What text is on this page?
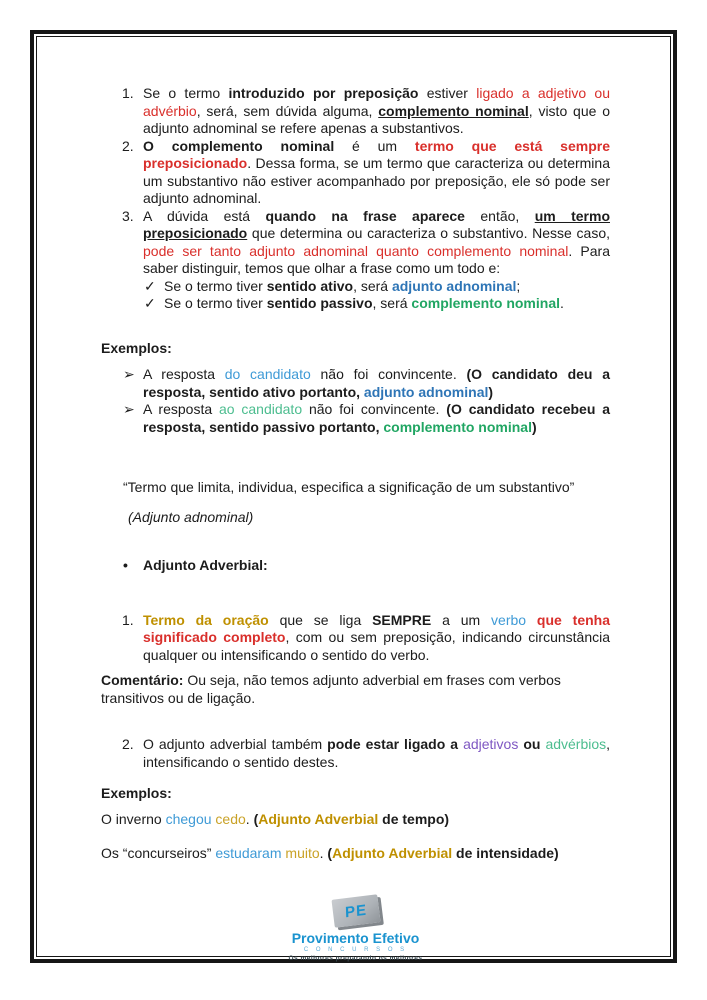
1. Se o termo introduzido por preposição estiver ligado a adjetivo ou advérbio, será, sem dúvida alguma, complemento nominal, visto que o adjunto adnominal se refere apenas a substantivos.
2. O complemento nominal é um termo que está sempre preposicionado. Dessa forma, se um termo que caracteriza ou determina um substantivo não estiver acompanhado por preposição, ele só pode ser adjunto adnominal.
3. A dúvida está quando na frase aparece então, um termo preposicionado que determina ou caracteriza o substantivo. Nesse caso, pode ser tanto adjunto adnominal quanto complemento nominal. Para saber distinguir, temos que olhar a frase como um todo e:
✓ Se o termo tiver sentido ativo, será adjunto adnominal;
✓ Se o termo tiver sentido passivo, será complemento nominal.
Exemplos:
➢ A resposta do candidato não foi convincente. (O candidato deu a resposta, sentido ativo portanto, adjunto adnominal)
➢ A resposta ao candidato não foi convincente. (O candidato recebeu a resposta, sentido passivo portanto, complemento nominal)
“Termo que limita, individua, especifica a significação de um substantivo”
(Adjunto adnominal)
•	Adjunto Adverbial:
1. Termo da oração que se liga SEMPRE a um verbo que tenha significado completo, com ou sem preposição, indicando circunstância qualquer ou intensificando o sentido do verbo.
Comentário: Ou seja, não temos adjunto adverbial em frases com verbos transitivos ou de ligação.
2. O adjunto adverbial também pode estar ligado a adjetivos ou advérbios, intensificando o sentido destes.
Exemplos:
O inverno chegou cedo. (Adjunto Adverbial de tempo)
Os “concurseiros” estudaram muito. (Adjunto Adverbial de intensidade)
PE
Provimento Efetivo
C O N C U R S O S
Os melhores preparando os melhores
